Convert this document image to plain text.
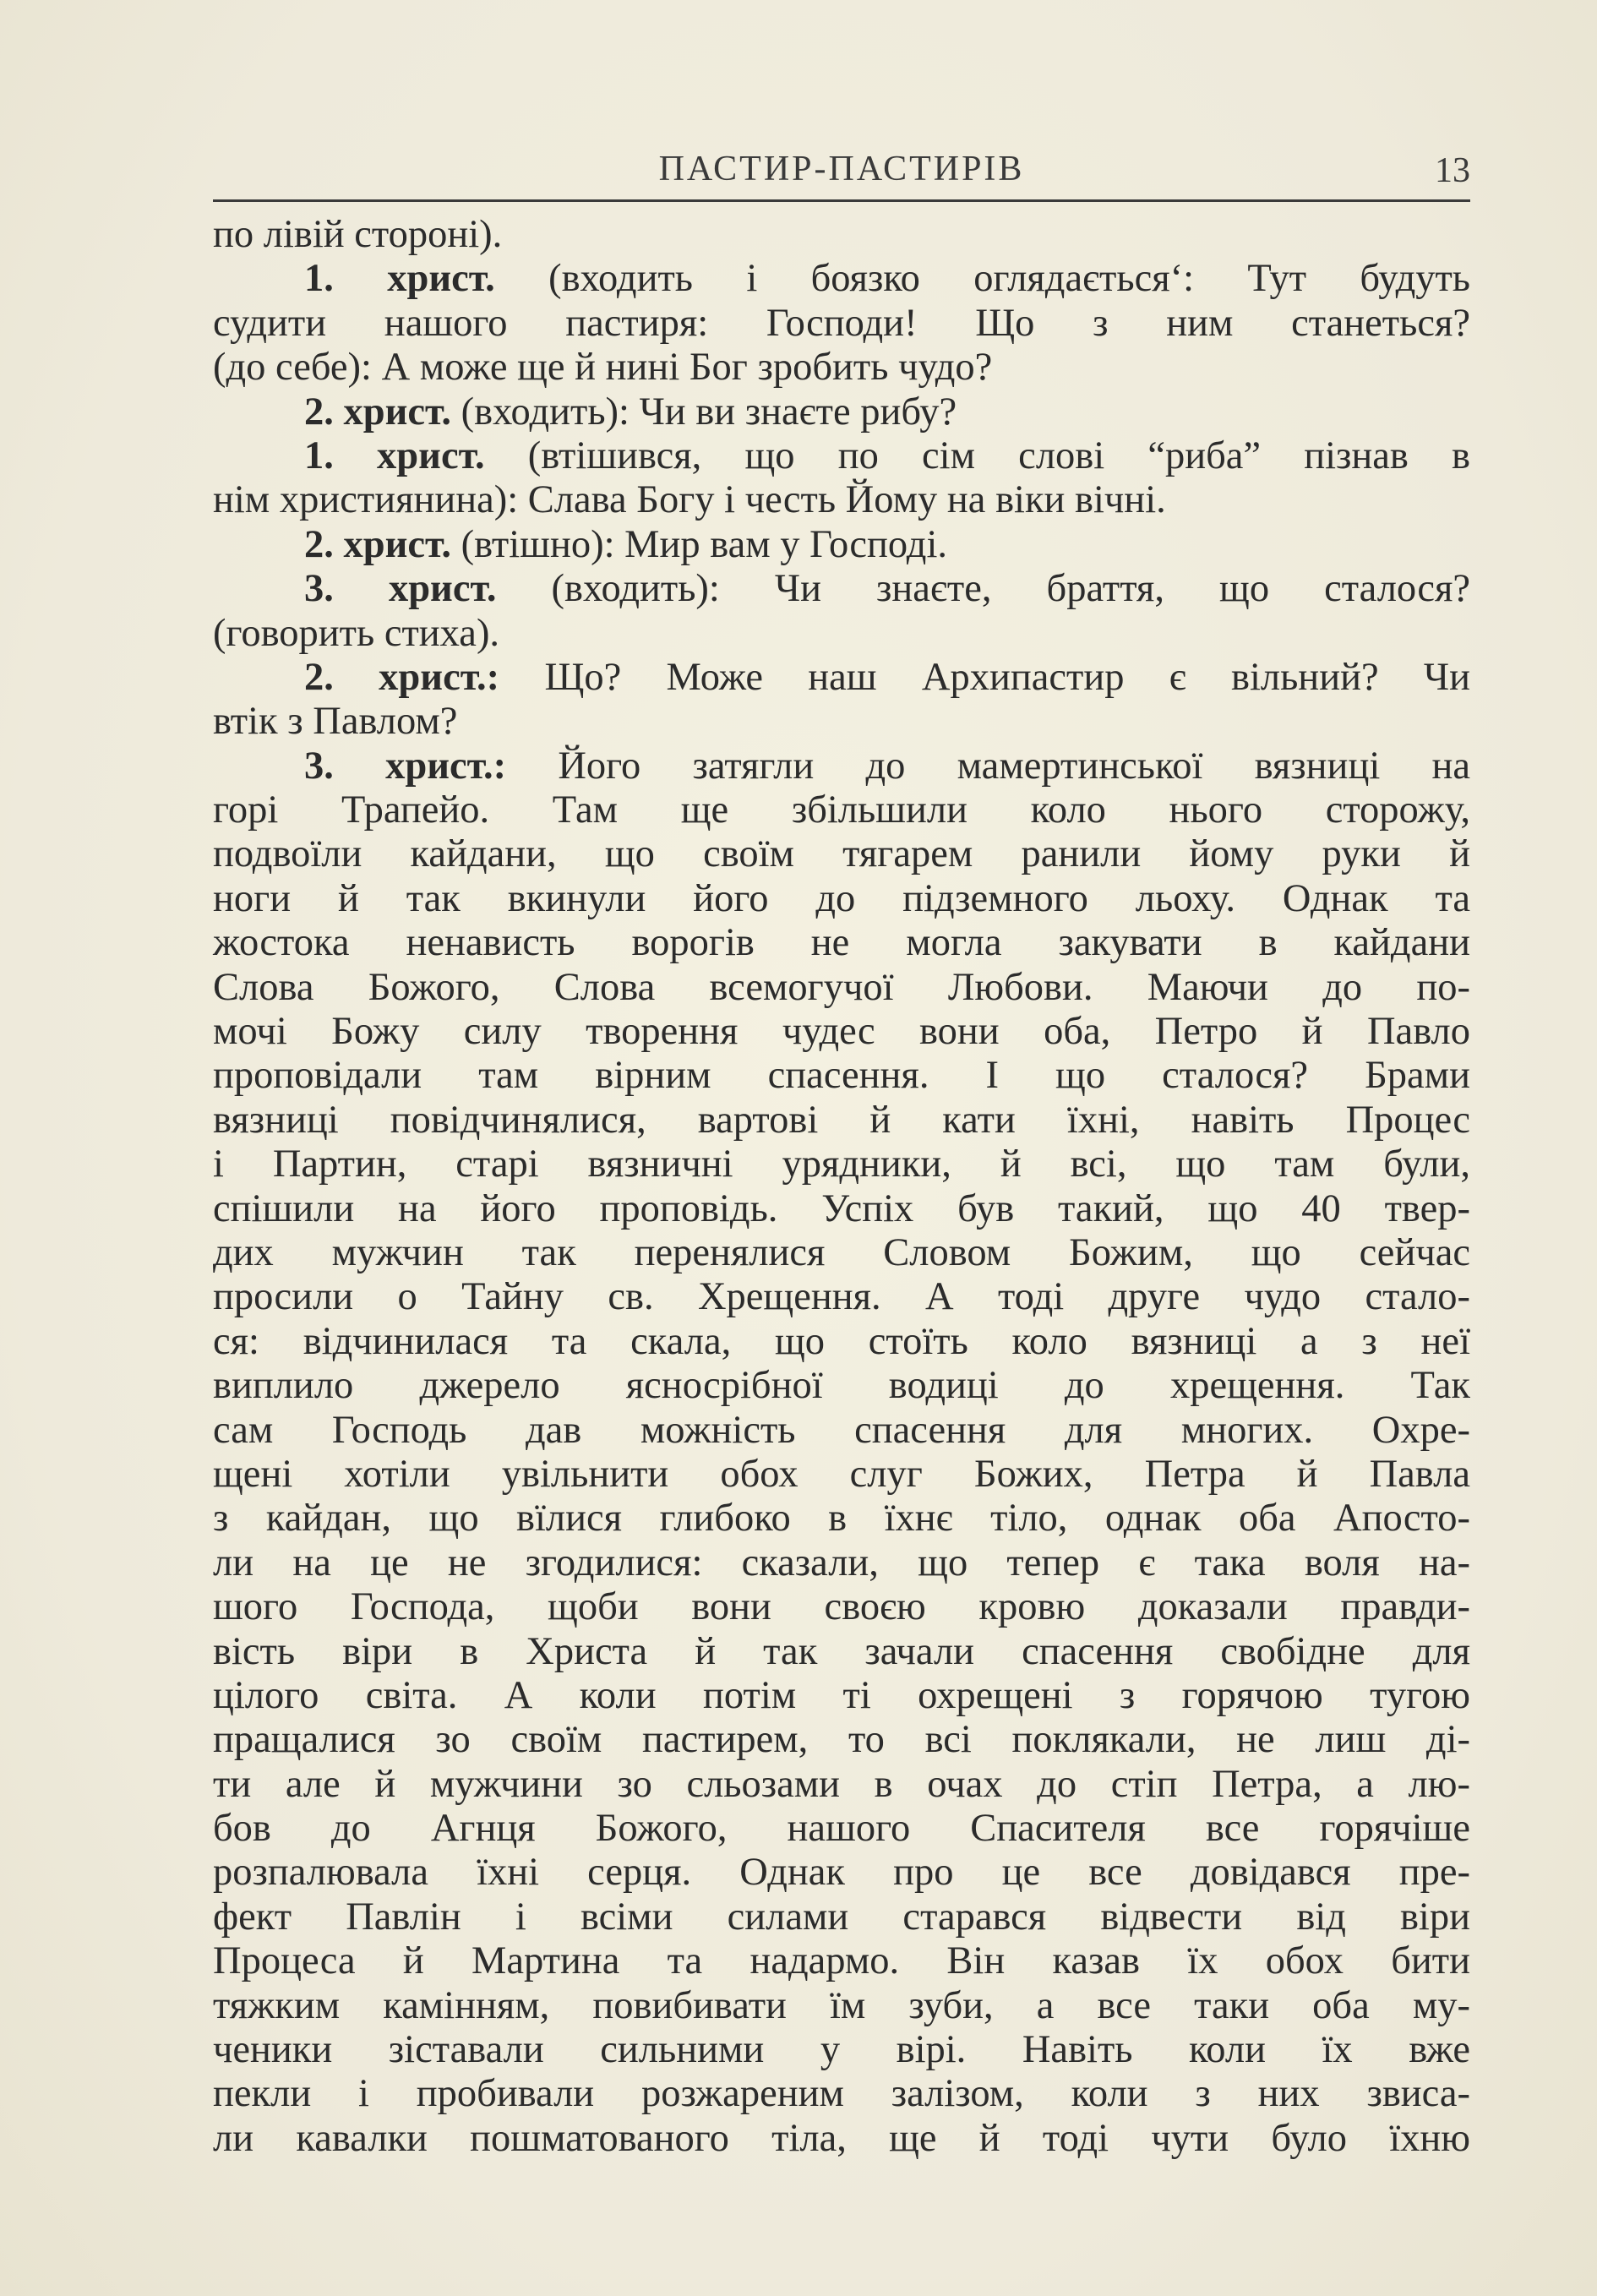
ПАСТИР-ПАСТИРІВ	13
по лівій стороні).
1. христ. (входить і боязко оглядається‘: Тут будуть
судити нашого пастиря: Господи! Що з ним станеться?
(до себе): А може ще й нині Бог зробить чудо?
2. христ. (входить): Чи ви знаєте рибу?
1. христ. (втішився, що по сім слові “риба” пізнав в
нім християнина): Слава Богу і честь Йому на віки вічні.
2. христ. (втішно): Мир вам у Господі.
3. христ. (входить): Чи знаєте, браття, що сталося?
(говорить стиха).
2. христ.: Що? Може наш Архипастир є вільний? Чи
втік з Павлом?
3. христ.: Його затягли до мамертинської вязниці на
горі Трапейо. Там ще збільшили коло нього сторожу,
подвоїли кайдани, що своїм тягарем ранили йому руки й
ноги й так вкинули його до підземного льоху. Однак та
жостока ненависть ворогів не могла закувати в кайдани
Слова Божого, Слова всемогучої Любови. Маючи до по-
мочі Божу силу творення чудес вони оба, Петро й Павло
проповідали там вірним спасення. І що сталося? Брами
вязниці повідчинялися, вартові й кати їхні, навіть Процес
і Партин, старі вязничні урядники, й всі, що там були,
спішили на його проповідь. Успіх був такий, що 40 твер-
дих мужчин так перенялися Словом Божим, що сейчас
просили о Тайну св. Хрещення. А тоді друге чудо стало-
ся: відчинилася та скала, що стоїть коло вязниці а з неї
виплило джерело ясносрібної водиці до хрещення. Так
сам Господь дав можність спасення для многих. Охре-
щені хотіли увільнити обох слуг Божих, Петра й Павла
з кайдан, що вїлися глибоко в їхнє тіло, однак оба Апосто-
ли на це не згодилися: сказали, що тепер є така воля на-
шого Господа, щоби вони своєю кровю доказали правди-
вість віри в Христа й так зачали спасення свобідне для
цілого світа. А коли потім ті охрещені з горячою тугою
пращалися зо своїм пастирем, то всі поклякали, не лиш ді-
ти але й мужчини зо сльозами в очах до стіп Петра, а лю-
бов до Агнця Божого, нашого Спасителя все горячіше
розпалювала їхні серця. Однак про це все довідався пре-
фект Павлін і всіми силами старався відвести від віри
Процеса й Мартина та надармо. Він казав їх обох бити
тяжким камінням, повибивати їм зуби, а все таки оба му-
ченики зіставали сильними у вірі. Навіть коли їх вже
пекли і пробивали розжареним залізом, коли з них звиса-
ли кавалки пошматованого тіла, ще й тоді чути було їхню
